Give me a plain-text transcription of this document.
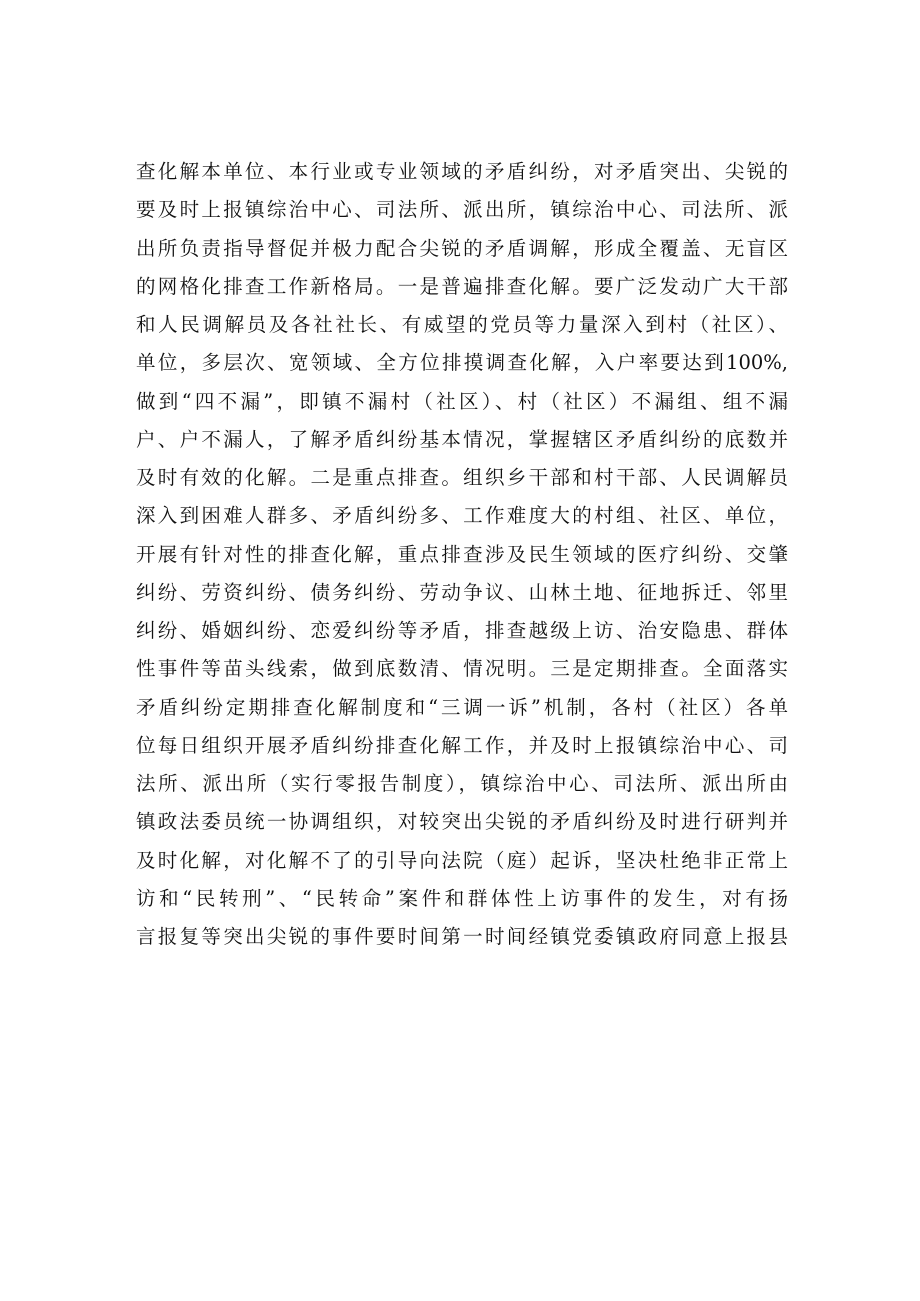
查化解本单位、本行业或专业领域的矛盾纠纷，对矛盾突出、尖锐的
要及时上报镇综治中心、司法所、派出所，镇综治中心、司法所、派
出所负责指导督促并极力配合尖锐的矛盾调解，形成全覆盖、无盲区
的网格化排查工作新格局。一是普遍排查化解。要广泛发动广大干部
和人民调解员及各社社长、有威望的党员等力量深入到村（社区）、
单位，多层次、宽领域、全方位排摸调查化解，入户率要达到100%,
做到“四不漏”，即镇不漏村（社区）、村（社区）不漏组、组不漏
户、户不漏人，了解矛盾纠纷基本情况，掌握辖区矛盾纠纷的底数并
及时有效的化解。二是重点排查。组织乡干部和村干部、人民调解员
深入到困难人群多、矛盾纠纷多、工作难度大的村组、社区、单位，
开展有针对性的排查化解，重点排查涉及民生领域的医疗纠纷、交肇
纠纷、劳资纠纷、债务纠纷、劳动争议、山林土地、征地拆迁、邻里
纠纷、婚姻纠纷、恋爱纠纷等矛盾，排查越级上访、治安隐患、群体
性事件等苗头线索，做到底数清、情况明。三是定期排查。全面落实
矛盾纠纷定期排查化解制度和“三调一诉”机制，各村（社区）各单
位每日组织开展矛盾纠纷排查化解工作，并及时上报镇综治中心、司
法所、派出所（实行零报告制度），镇综治中心、司法所、派出所由
镇政法委员统一协调组织，对较突出尖锐的矛盾纠纷及时进行研判并
及时化解，对化解不了的引导向法院（庭）起诉，坚决杜绝非正常上
访和“民转刑”、“民转命”案件和群体性上访事件的发生，对有扬
言报复等突出尖锐的事件要时间第一时间经镇党委镇政府同意上报县
